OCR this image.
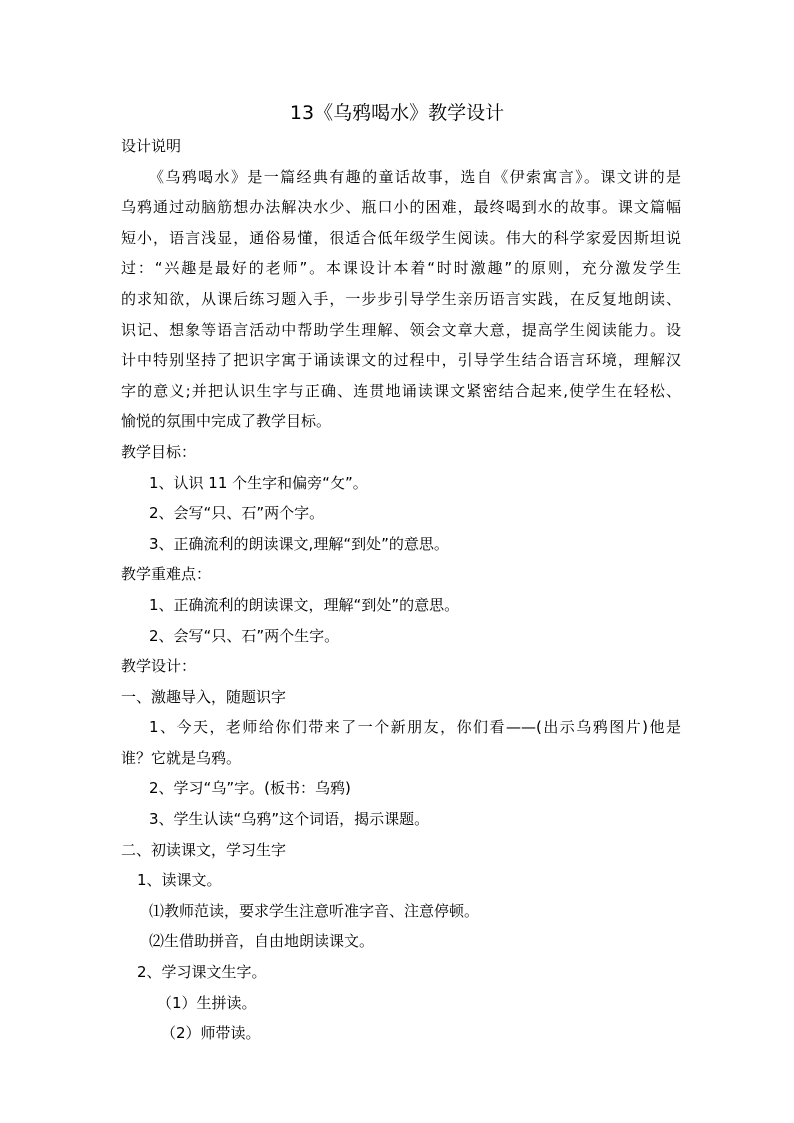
13《乌鸦喝水》教学设计
设计说明
《乌鸦喝水》是一篇经典有趣的童话故事，选自《伊索寓言》。课文讲的是
乌鸦通过动脑筋想办法解决水少、瓶口小的困难，最终喝到水的故事。课文篇幅
短小，语言浅显，通俗易懂，很适合低年级学生阅读。伟大的科学家爱因斯坦说
过：“兴趣是最好的老师”。本课设计本着“时时激趣”的原则，充分激发学生
的求知欲，从课后练习题入手，一步步引导学生亲历语言实践，在反复地朗读、
识记、想象等语言活动中帮助学生理解、领会文章大意，提高学生阅读能力。设
计中特别坚持了把识字寓于诵读课文的过程中，引导学生结合语言环境，理解汉
字的意义;并把认识生字与正确、连贯地诵读课文紧密结合起来,使学生在轻松、
愉悦的氛围中完成了教学目标。
教学目标：
1、认识 11 个生字和偏旁“攵”。
2、会写“只、石”两个字。
3、正确流利的朗读课文,理解“到处”的意思。
教学重难点：
1、正确流利的朗读课文，理解“到处”的意思。
2、会写“只、石”两个生字。
教学设计：
一、激趣导入，随题识字
1、今天，老师给你们带来了一个新朋友，你们看——(出示乌鸦图片)他是
谁？它就是乌鸦。
2、学习“乌”字。(板书：乌鸦)
3、学生认读“乌鸦”这个词语，揭示课题。
二、初读课文，学习生字
1、读课文。
⑴教师范读，要求学生注意听准字音、注意停顿。
⑵生借助拼音，自由地朗读课文。
2、学习课文生字。
（1）生拼读。
（2）师带读。
